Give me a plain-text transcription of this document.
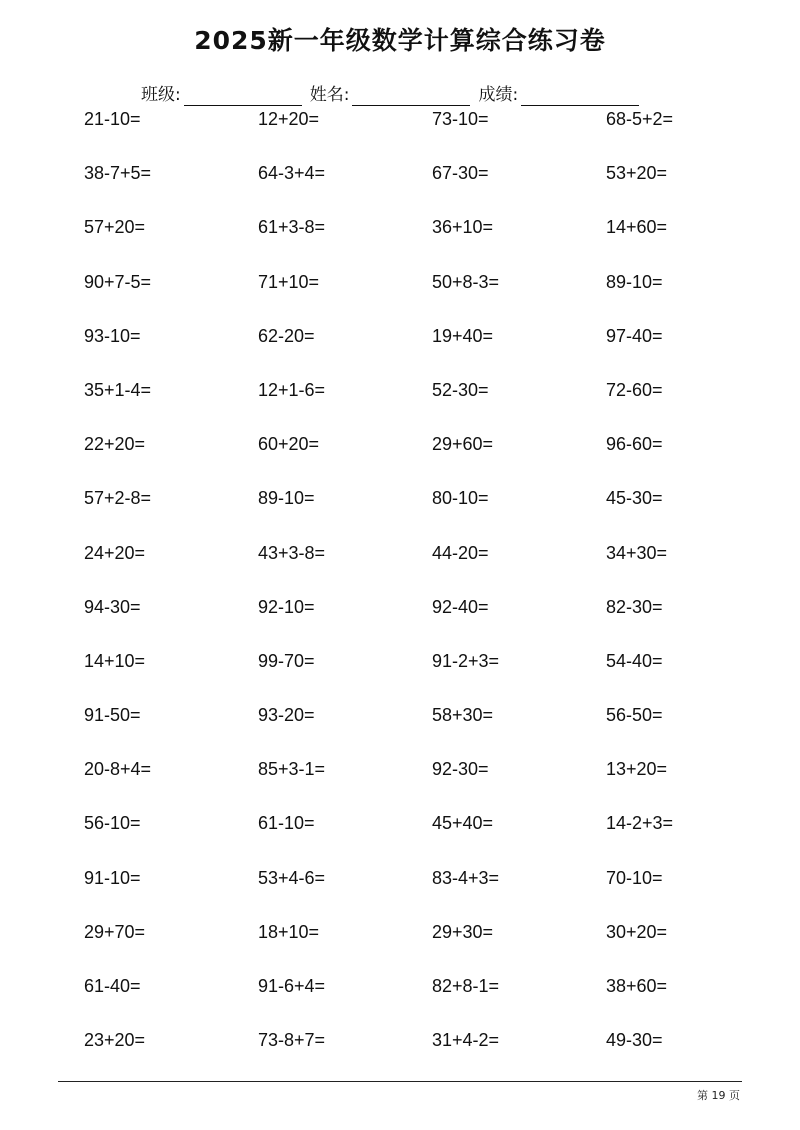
2025新一年级数学计算综合练习卷
班级:	姓名:	成绩:
21-10=	12+20=	73-10=	68-5+2=
38-7+5=	64-3+4=	67-30=	53+20=
57+20=	61+3-8=	36+10=	14+60=
90+7-5=	71+10=	50+8-3=	89-10=
93-10=	62-20=	19+40=	97-40=
35+1-4=	12+1-6=	52-30=	72-60=
22+20=	60+20=	29+60=	96-60=
57+2-8=	89-10=	80-10=	45-30=
24+20=	43+3-8=	44-20=	34+30=
94-30=	92-10=	92-40=	82-30=
14+10=	99-70=	91-2+3=	54-40=
91-50=	93-20=	58+30=	56-50=
20-8+4=	85+3-1=	92-30=	13+20=
56-10=	61-10=	45+40=	14-2+3=
91-10=	53+4-6=	83-4+3=	70-10=
29+70=	18+10=	29+30=	30+20=
61-40=	91-6+4=	82+8-1=	38+60=
23+20=	73-8+7=	31+4-2=	49-30=
第 19 页
